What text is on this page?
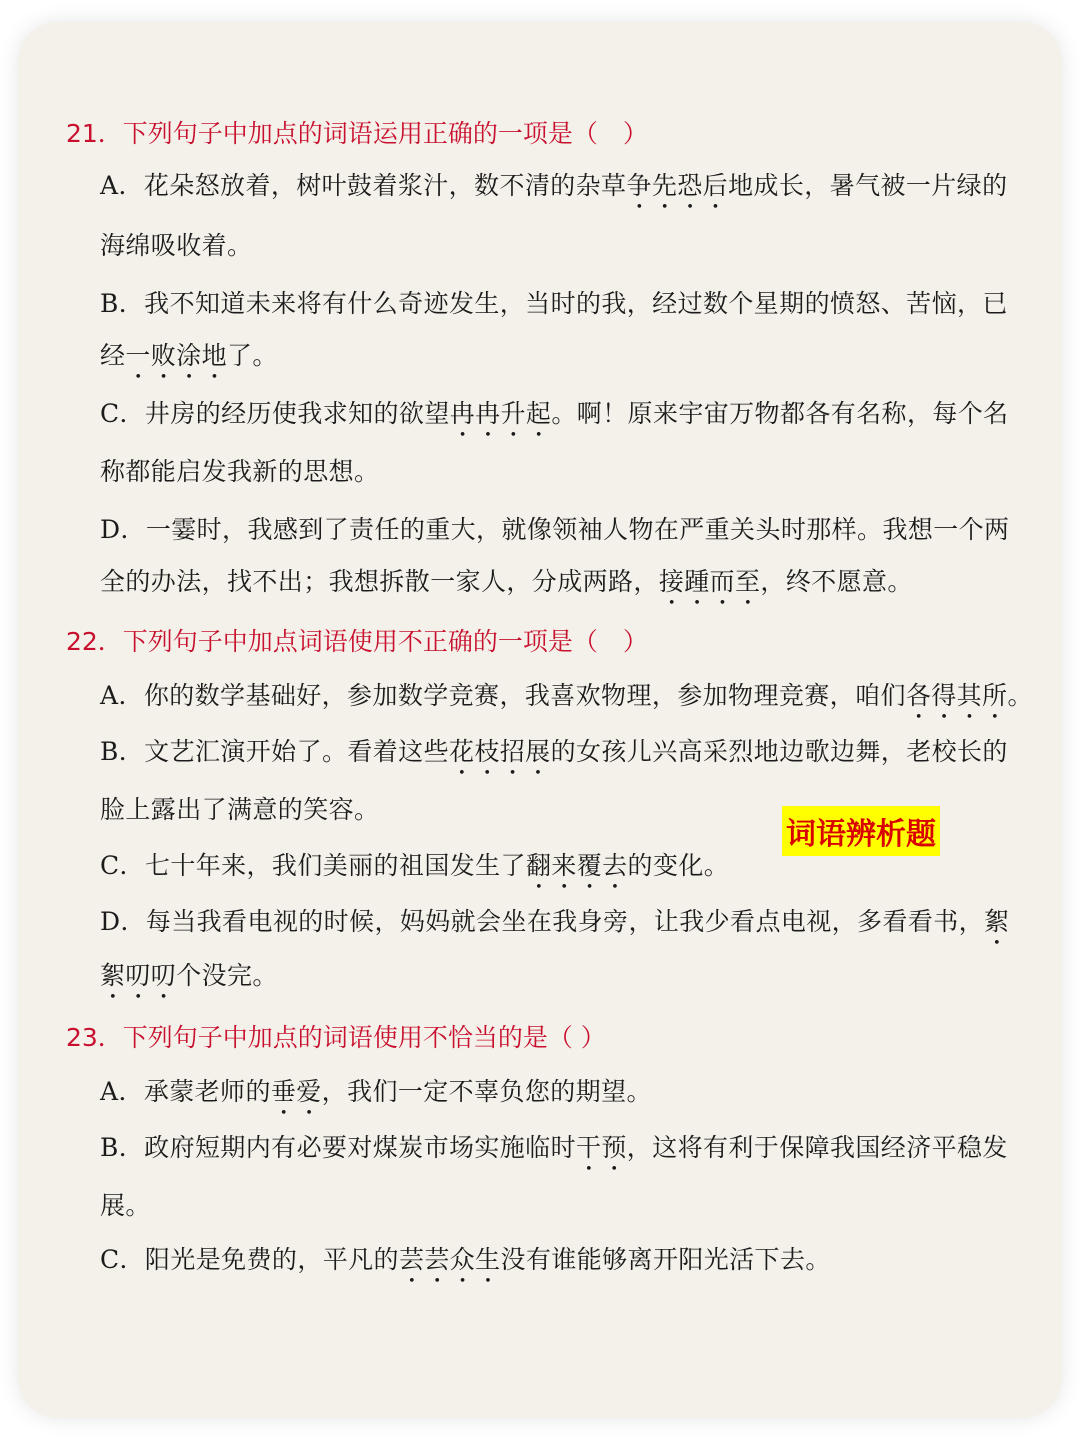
21．下列句子中加点的词语运用正确的一项是（　）
A．花朵怒放着，树叶鼓着浆汁，数不清的杂草争先恐后地成长，暑气被一片绿的
海绵吸收着。
B．我不知道未来将有什么奇迹发生，当时的我，经过数个星期的愤怒、苦恼，已
经一败涂地了。
C．井房的经历使我求知的欲望冉冉升起。啊！原来宇宙万物都各有名称，每个名
称都能启发我新的思想。
D．一霎时，我感到了责任的重大，就像领袖人物在严重关头时那样。我想一个两
全的办法，找不出；我想拆散一家人，分成两路，接踵而至，终不愿意。
22．下列句子中加点词语使用不正确的一项是（　）
A．你的数学基础好，参加数学竞赛，我喜欢物理，参加物理竞赛，咱们各得其所。
B．文艺汇演开始了。看着这些花枝招展的女孩儿兴高采烈地边歌边舞，老校长的
脸上露出了满意的笑容。
C．七十年来，我们美丽的祖国发生了翻来覆去的变化。
D．每当我看电视的时候，妈妈就会坐在我身旁，让我少看点电视，多看看书，絮
絮叨叨个没完。
23．下列句子中加点的词语使用不恰当的是（ ）
A．承蒙老师的垂爱，我们一定不辜负您的期望。
B．政府短期内有必要对煤炭市场实施临时干预，这将有利于保障我国经济平稳发
展。
C．阳光是免费的，平凡的芸芸众生没有谁能够离开阳光活下去。
词语辨析题
